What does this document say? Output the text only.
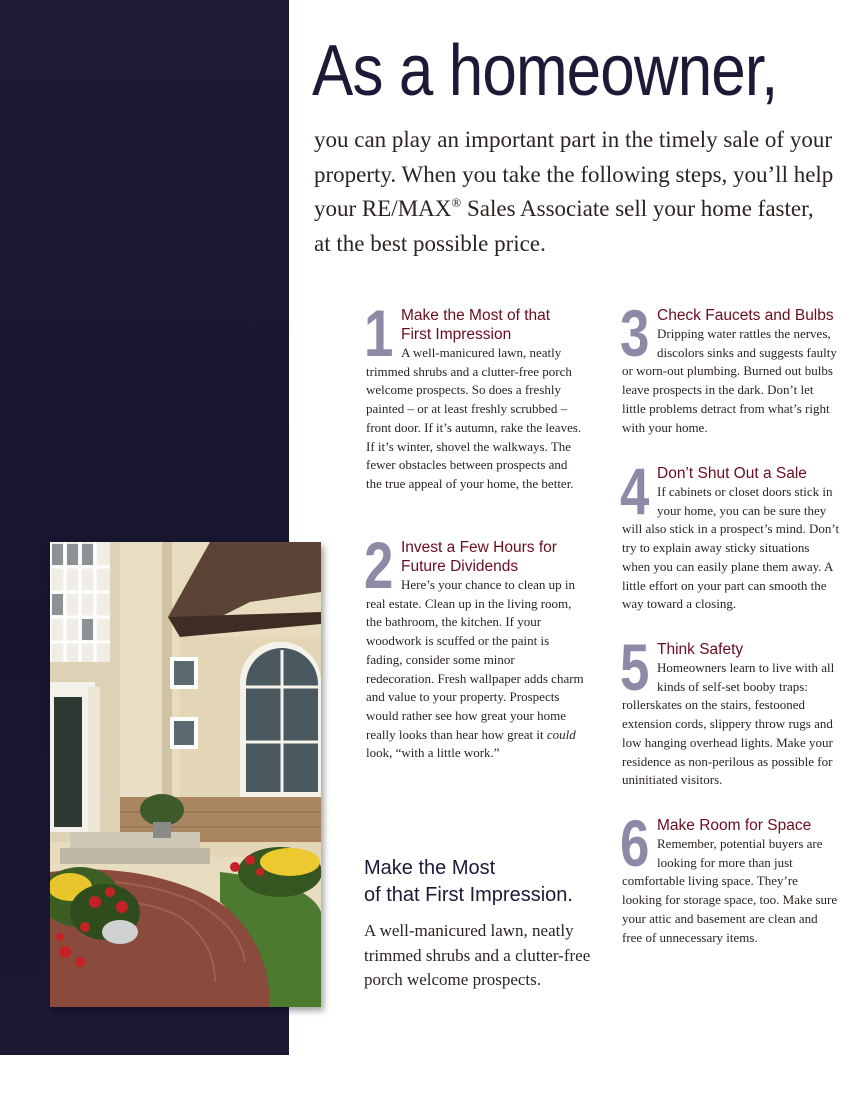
As a homeowner,

you can play an important part in the timely sale of your property. When you take the following steps, you’ll help your RE/MAX® Sales Associate sell your home faster, at the best possible price.

1 Make the Most of that First Impression

A well-manicured lawn, neatly trimmed shrubs and a clutter-free porch welcome prospects. So does a freshly painted – or at least freshly scrubbed – front door. If it’s autumn, rake the leaves. If it’s winter, shovel the walkways. The fewer obstacles between prospects and the true appeal of your home, the better.

2 Invest a Few Hours for Future Dividends

Here’s your chance to clean up in real estate. Clean up in the living room, the bathroom, the kitchen. If your woodwork is scuffed or the paint is fading, consider some minor redecoration. Fresh wallpaper adds charm and value to your property. Prospects would rather see how great your home really looks than hear how great it could look, “with a little work.”

3 Check Faucets and Bulbs

Dripping water rattles the nerves, discolors sinks and suggests faulty or worn-out plumbing. Burned out bulbs leave prospects in the dark. Don’t let little problems detract from what’s right with your home.

4 Don’t Shut Out a Sale

If cabinets or closet doors stick in your home, you can be sure they will also stick in a prospect’s mind. Don’t try to explain away sticky situations when you can easily plane them away. A little effort on your part can smooth the way toward a closing.

5 Think Safety

Homeowners learn to live with all kinds of self-set booby traps: rollerskates on the stairs, festooned extension cords, slippery throw rugs and low hanging overhead lights. Make your residence as non-perilous as possible for uninitiated visitors.

6 Make Room for Space

Remember, potential buyers are looking for more than just comfortable living space. They’re looking for storage space, too. Make sure your attic and basement are clean and free of unnecessary items.

Make the Most
of that First Impression.

A well-manicured lawn, neatly trimmed shrubs and a clutter-free porch welcome prospects.
